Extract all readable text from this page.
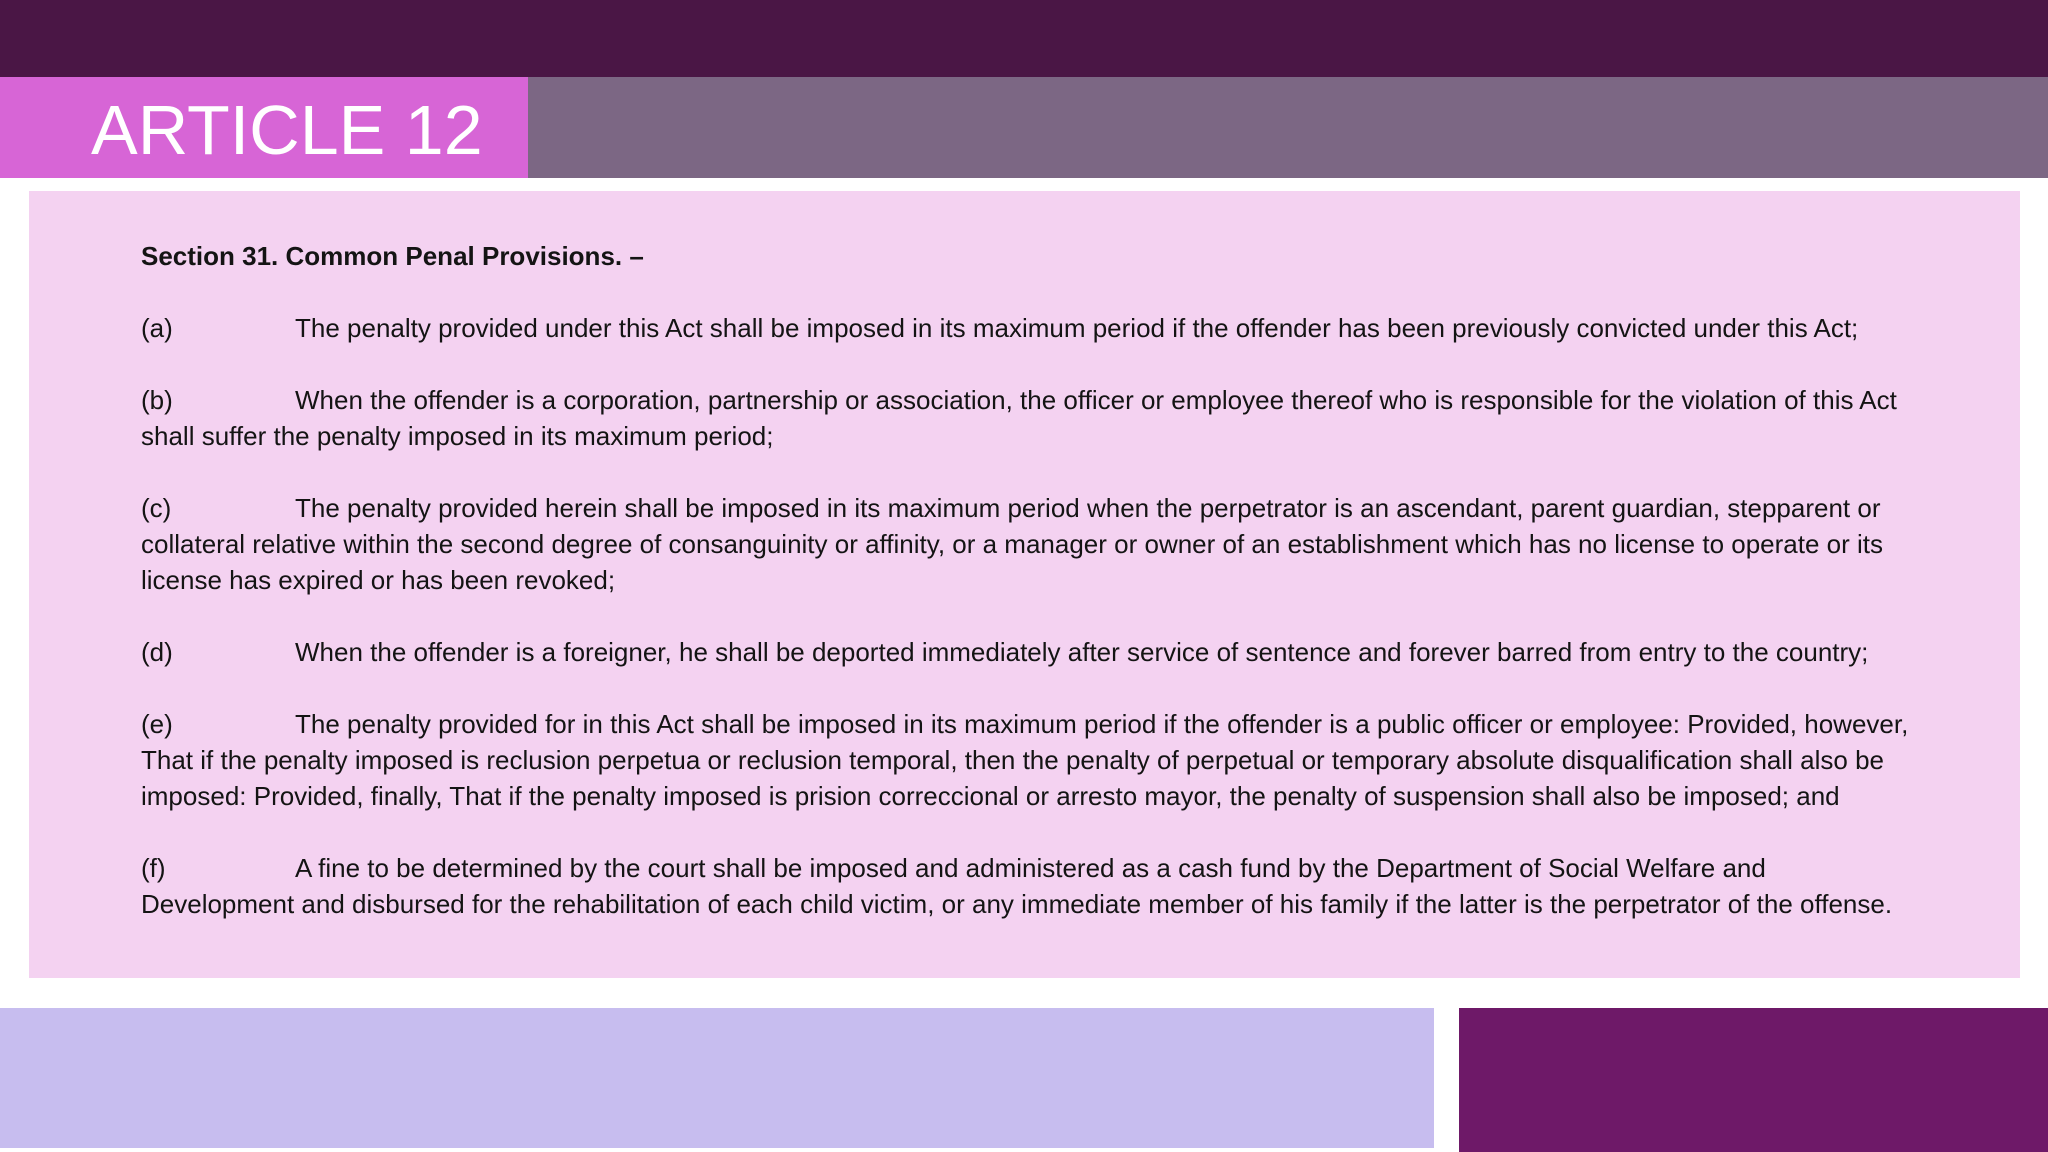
ARTICLE 12
Section 31. Common Penal Provisions. –
(a)	The penalty provided under this Act shall be imposed in its maximum period if the offender has been previously convicted under this Act;
(b)	When the offender is a corporation, partnership or association, the officer or employee thereof who is responsible for the violation of this Act shall suffer the penalty imposed in its maximum period;
(c)	The penalty provided herein shall be imposed in its maximum period when the perpetrator is an ascendant, parent guardian, stepparent or collateral relative within the second degree of consanguinity or affinity, or a manager or owner of an establishment which has no license to operate or its license has expired or has been revoked;
(d)	When the offender is a foreigner, he shall be deported immediately after service of sentence and forever barred from entry to the country;
(e)	The penalty provided for in this Act shall be imposed in its maximum period if the offender is a public officer or employee: Provided, however, That if the penalty imposed is reclusion perpetua or reclusion temporal, then the penalty of perpetual or temporary absolute disqualification shall also be imposed: Provided, finally, That if the penalty imposed is prision correccional or arresto mayor, the penalty of suspension shall also be imposed; and
(f)	A fine to be determined by the court shall be imposed and administered as a cash fund by the Department of Social Welfare and Development and disbursed for the rehabilitation of each child victim, or any immediate member of his family if the latter is the perpetrator of the offense.
